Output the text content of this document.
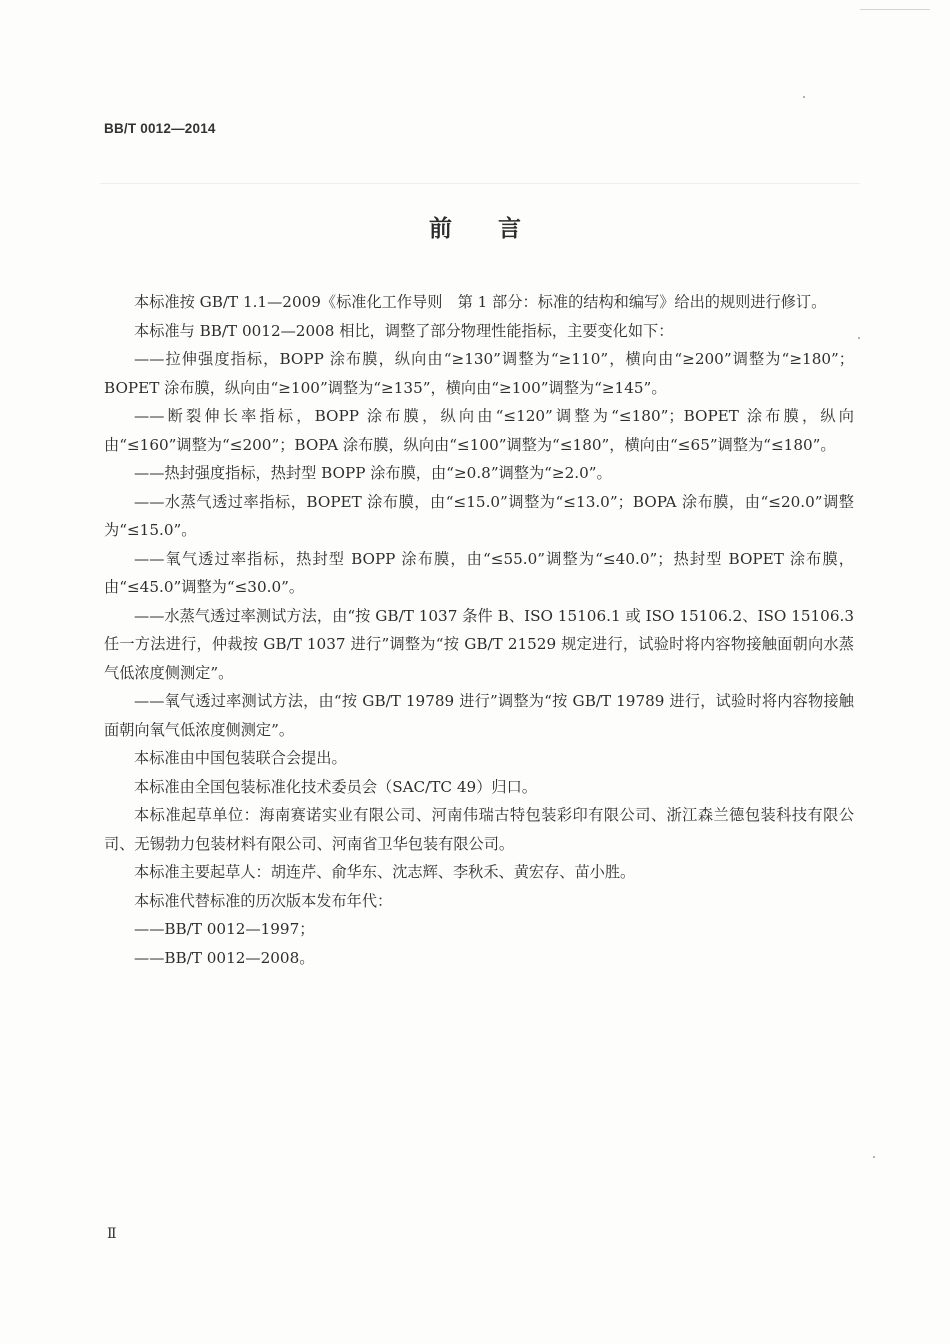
BB/T 0012—2014
前言

本标准按 GB/T 1.1—2009《标准化工作导则　第 1 部分：标准的结构和编写》给出的规则进行修订。

本标准与 BB/T 0012—2008 相比，调整了部分物理性能指标，主要变化如下：

——拉伸强度指标，BOPP 涂布膜，纵向由“≥130”调整为“≥110”，横向由“≥200”调整为“≥180”；BOPET 涂布膜，纵向由“≥100”调整为“≥135”，横向由“≥100”调整为“≥145”。

——断裂伸长率指标，BOPP 涂布膜，纵向由“≤120”调整为“≤180”；BOPET 涂布膜，纵向由“≤160”调整为“≤200”；BOPA 涂布膜，纵向由“≤100”调整为“≤180”，横向由“≤65”调整为“≤180”。

——热封强度指标，热封型 BOPP 涂布膜，由“≥0.8”调整为“≥2.0”。

——水蒸气透过率指标，BOPET 涂布膜，由“≤15.0”调整为“≤13.0”；BOPA 涂布膜，由“≤20.0”调整为“≤15.0”。

——氧气透过率指标，热封型 BOPP 涂布膜，由“≤55.0”调整为“≤40.0”；热封型 BOPET 涂布膜，由“≤45.0”调整为“≤30.0”。

——水蒸气透过率测试方法，由“按 GB/T 1037 条件 B、ISO 15106.1 或 ISO 15106.2、ISO 15106.3 任一方法进行，仲裁按 GB/T 1037 进行”调整为“按 GB/T 21529 规定进行，试验时将内容物接触面朝向水蒸气低浓度侧测定”。

——氧气透过率测试方法，由“按 GB/T 19789 进行”调整为“按 GB/T 19789 进行，试验时将内容物接触面朝向氧气低浓度侧测定”。

本标准由中国包装联合会提出。

本标准由全国包装标准化技术委员会（SAC/TC 49）归口。

本标准起草单位：海南赛诺实业有限公司、河南伟瑞古特包装彩印有限公司、浙江森兰德包装科技有限公司、无锡勃力包装材料有限公司、河南省卫华包装有限公司。

本标准主要起草人：胡连芹、俞华东、沈志辉、李秋禾、黄宏存、苗小胜。

本标准代替标准的历次版本发布年代：

——BB/T 0012—1997；

——BB/T 0012—2008。

Ⅱ
